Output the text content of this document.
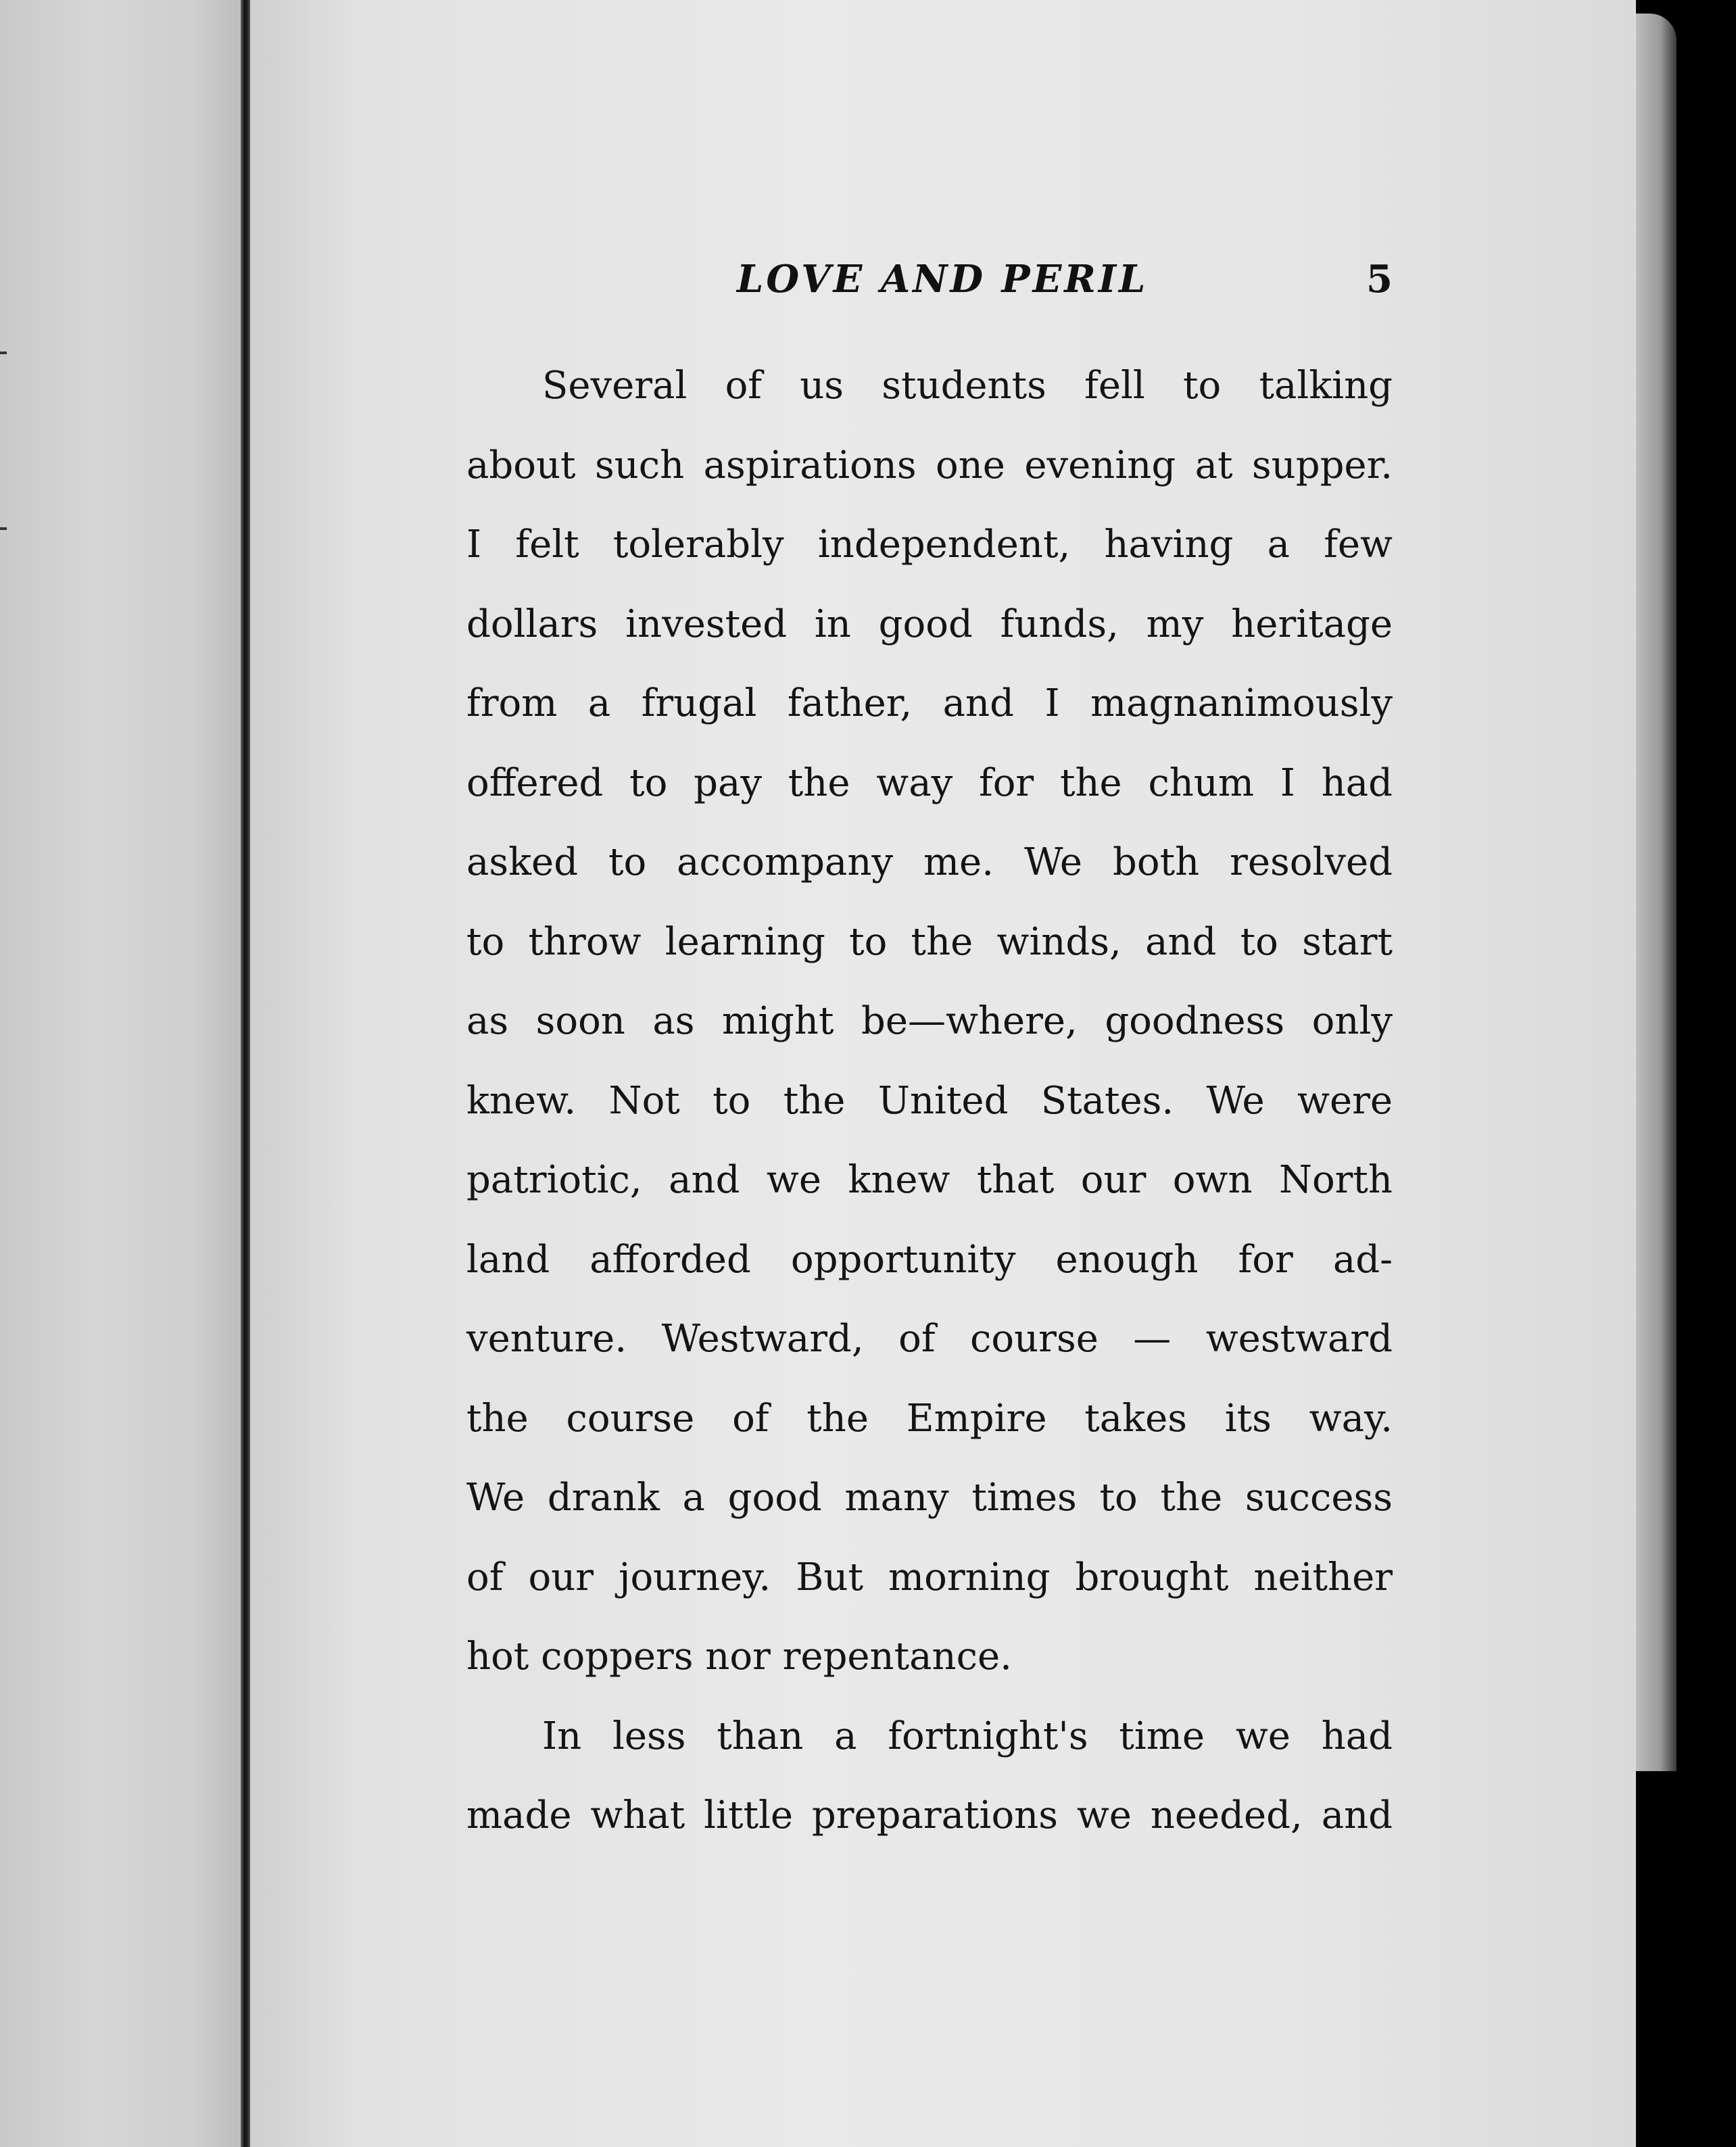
LOVE AND PERIL	5
Several of us students fell to talking
about such aspirations one evening at supper.
I felt tolerably independent, having a few
dollars invested in good funds, my heritage
from a frugal father, and I magnanimously
offered to pay the way for the chum I had
asked to accompany me. We both resolved
to throw learning to the winds, and to start
as soon as might be—where, goodness only
knew. Not to the United States. We were
patriotic, and we knew that our own North
land afforded opportunity enough for ad-
venture. Westward, of course — westward
the course of the Empire takes its way.
We drank a good many times to the success
of our journey. But morning brought neither
hot coppers nor repentance.
In less than a fortnight's time we had
made what little preparations we needed, and
